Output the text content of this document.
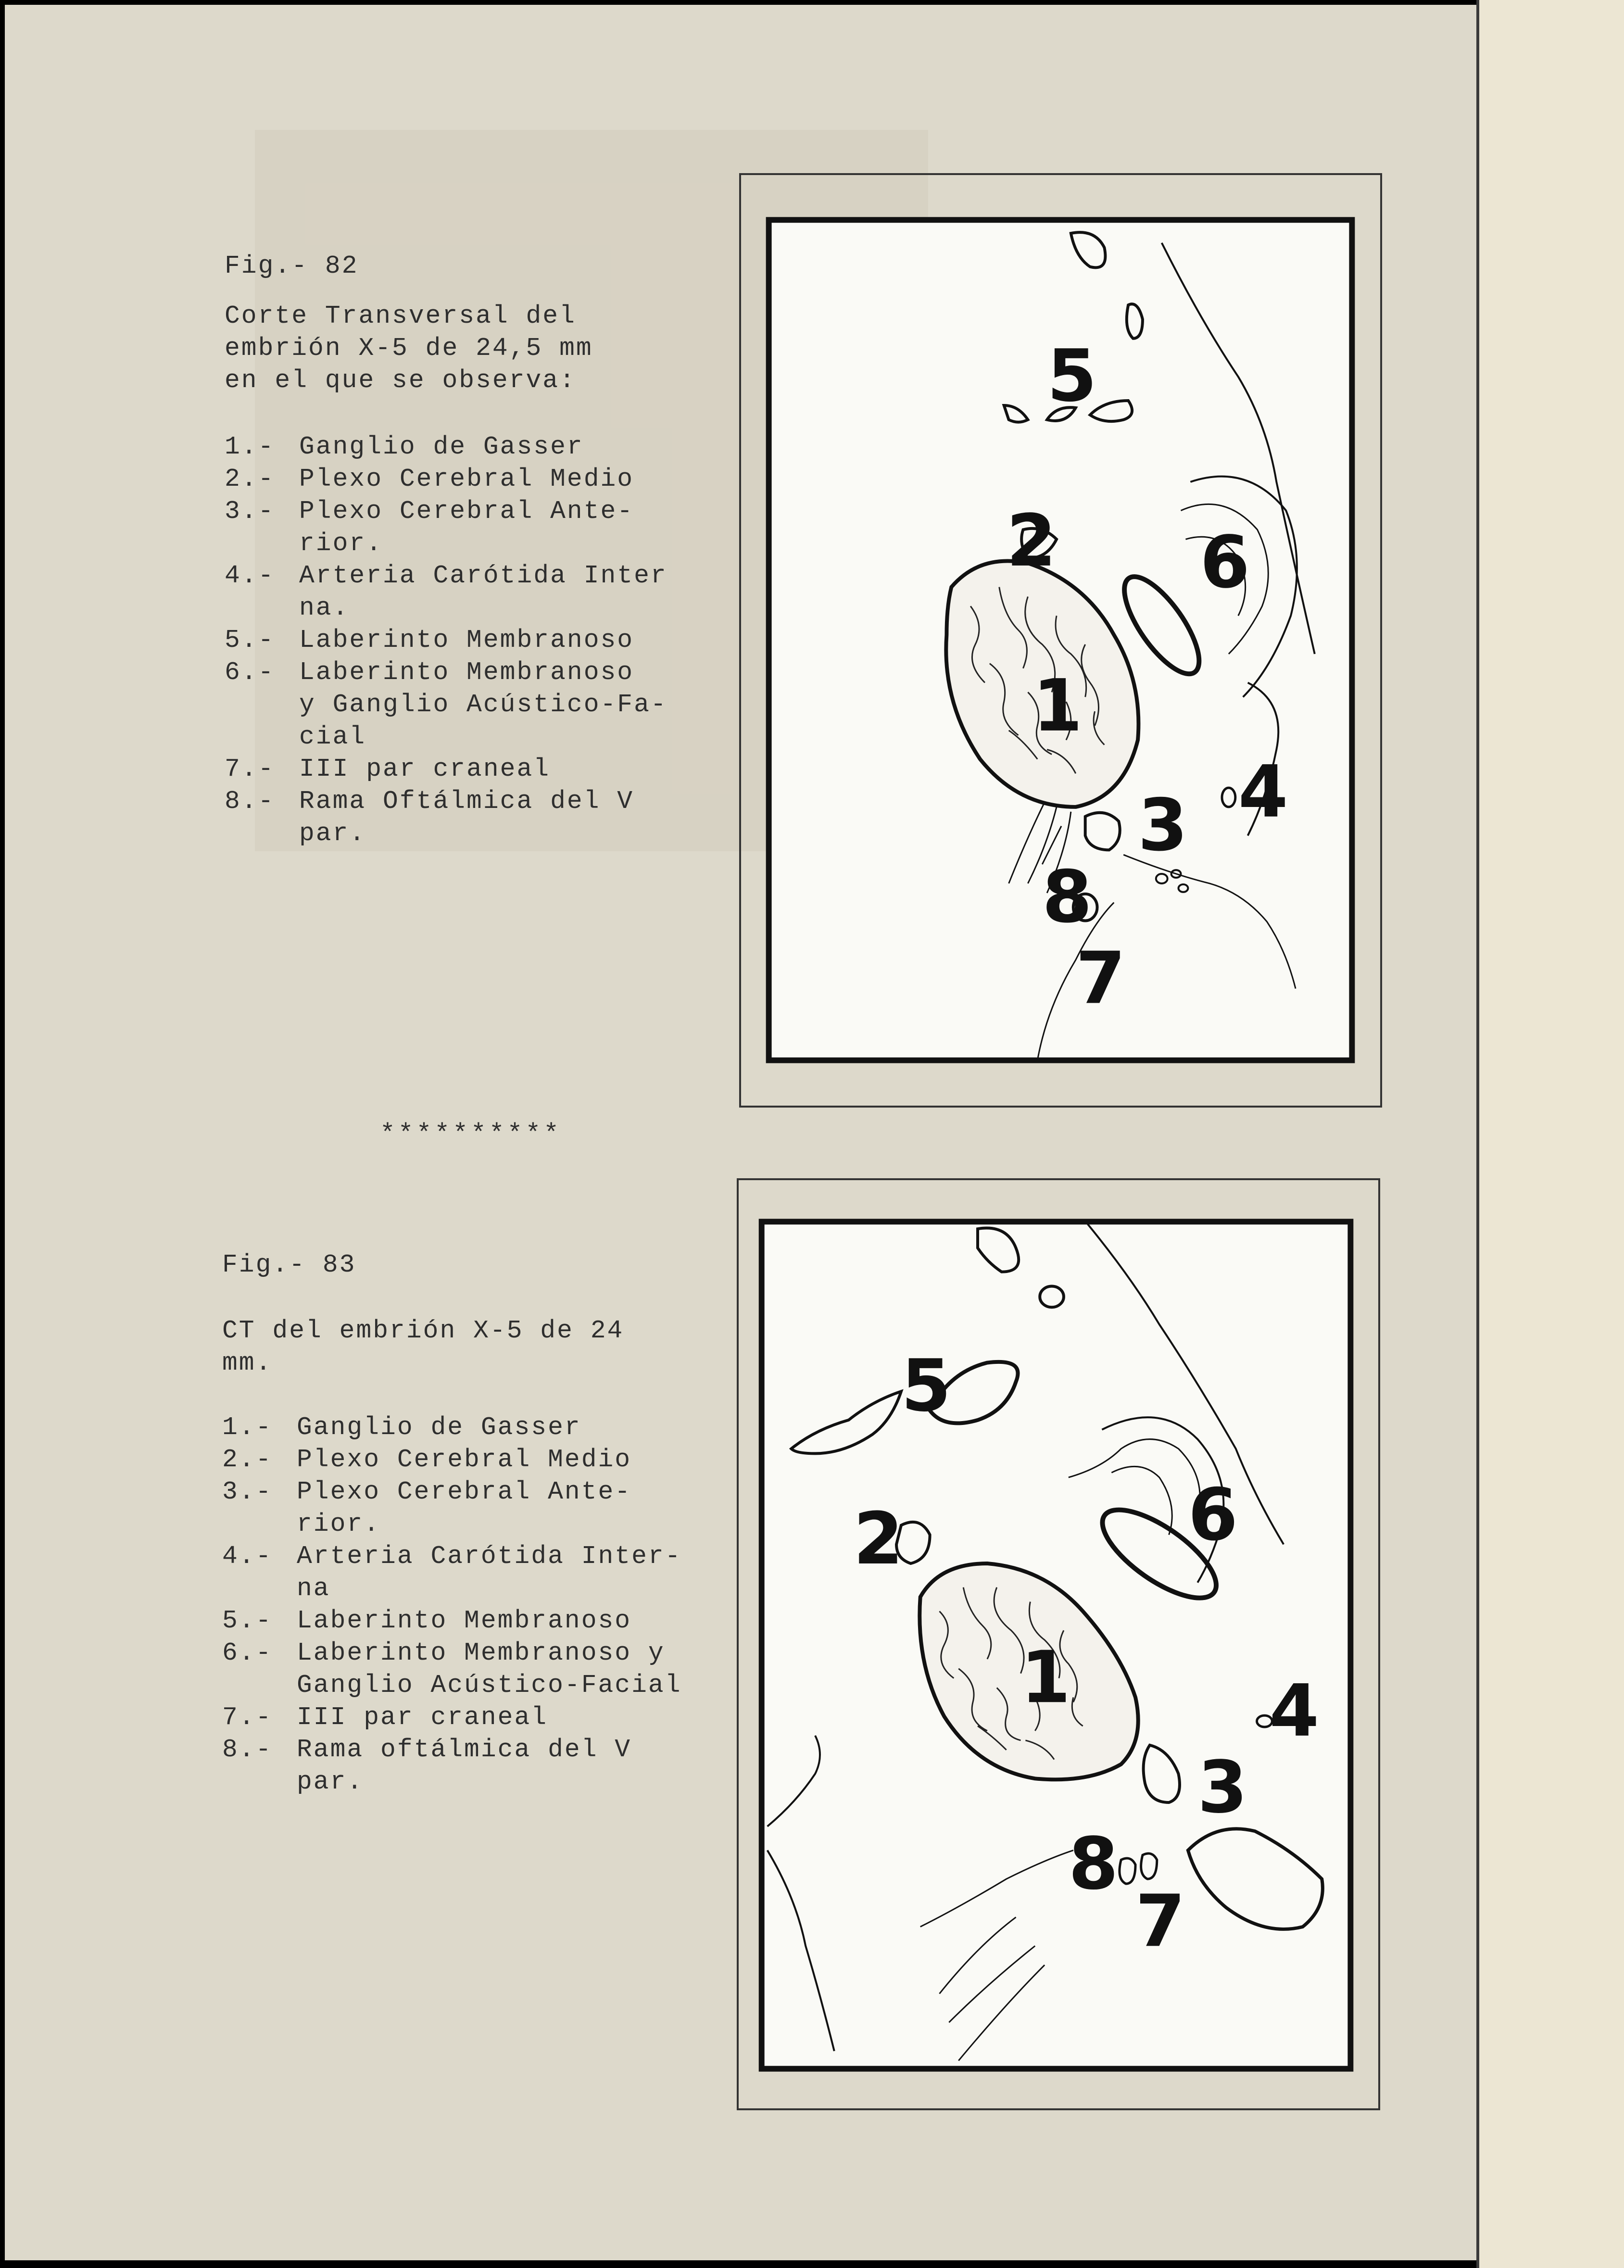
Fig.- 82
Corte Transversal del
embrión X-5 de 24,5 mm
en el que se observa:
1.- Ganglio de Gasser
2.- Plexo Cerebral Medio
3.- Plexo Cerebral Ante-
rior.
4.- Arteria Carótida Inter
na.
5.- Laberinto Membranoso
6.- Laberinto Membranoso
y Ganglio Acústico-Fa-
cial
7.- III par craneal
8.- Rama Oftálmica del V
par.
5
2 6
1
3 4
8
7
**********
Fig.- 83
CT del embrión X-5 de 24
mm.
1.- Ganglio de Gasser
2.- Plexo Cerebral Medio
3.- Plexo Cerebral Ante-
rior.
4.- Arteria Carótida Inter-
na
5.- Laberinto Membranoso
6.- Laberinto Membranoso y
Ganglio Acústico-Facial
7.- III par craneal
8.- Rama oftálmica del V
par.
5
2	6
1
3
4
8
7
